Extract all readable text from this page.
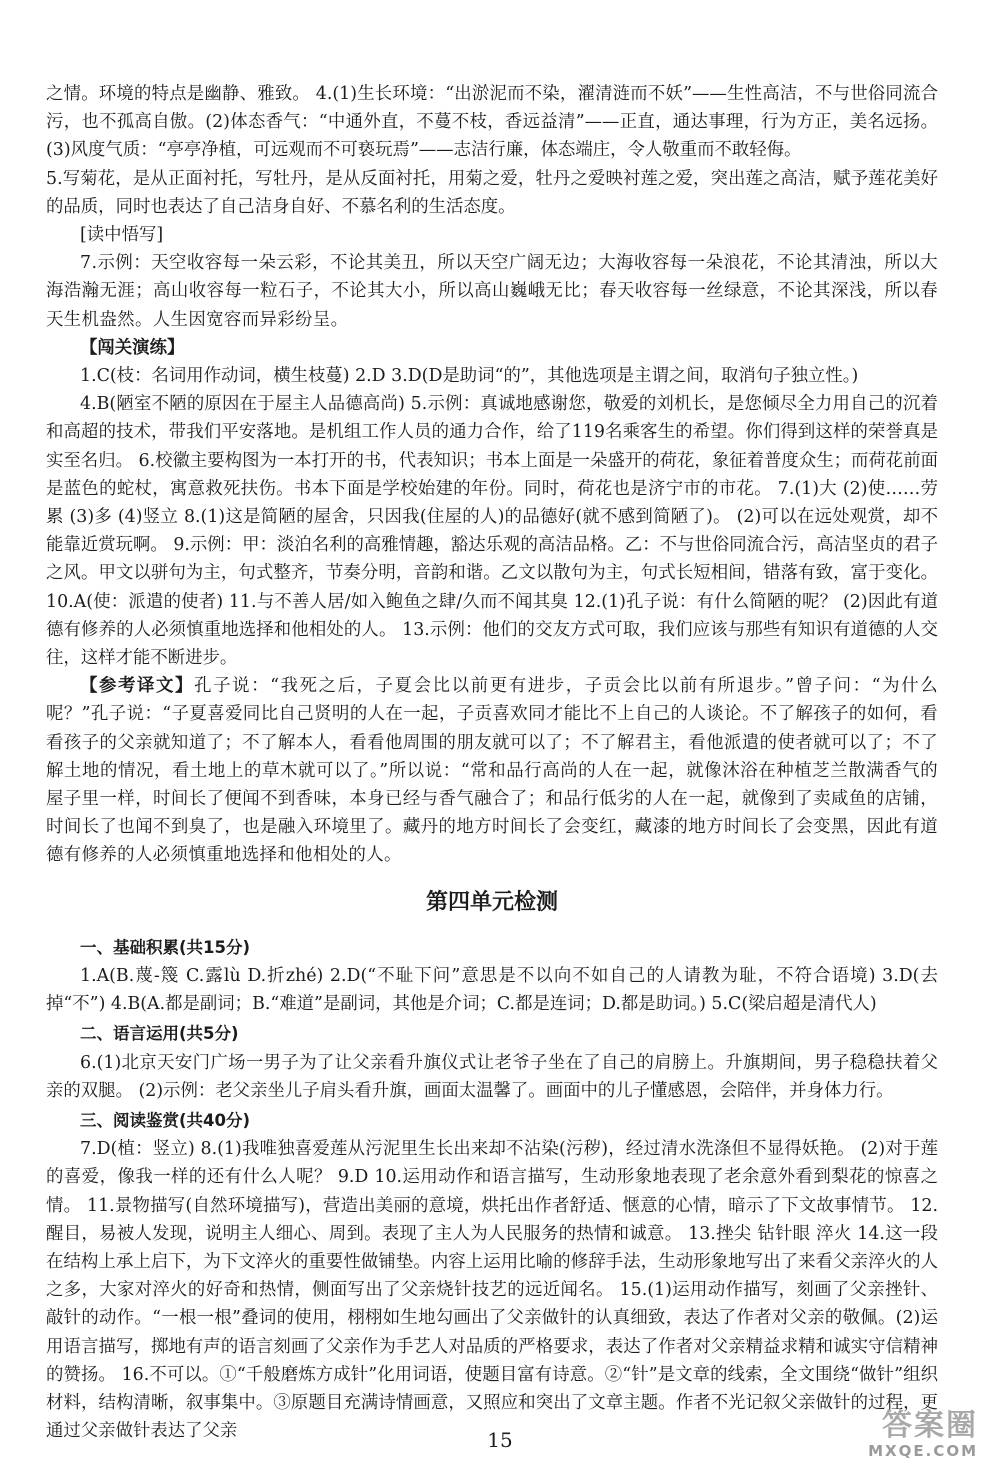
之情。环境的特点是幽静、雅致。 4.(1)生长环境：“出淤泥而不染，濯清涟而不妖”——生性高洁，不与世俗同流合污，也不孤高自傲。(2)体态香气：“中通外直，不蔓不枝，香远益清”——正直，通达事理，行为方正，美名远扬。(3)风度气质：“亭亭净植，可远观而不可亵玩焉”——志洁行廉，体态端庄，令人敬重而不敢轻侮。

5.写菊花，是从正面衬托，写牡丹，是从反面衬托，用菊之爱，牡丹之爱映衬莲之爱，突出莲之高洁，赋予莲花美好的品质，同时也表达了自己洁身自好、不慕名利的生活态度。

[读中悟写]

7.示例：天空收容每一朵云彩，不论其美丑，所以天空广阔无边；大海收容每一朵浪花，不论其清浊，所以大海浩瀚无涯；高山收容每一粒石子，不论其大小，所以高山巍峨无比；春天收容每一丝绿意，不论其深浅，所以春天生机盎然。人生因宽容而异彩纷呈。

【闯关演练】

1.C(枝：名词用作动词，横生枝蔓) 2.D 3.D(D是助词“的”，其他选项是主谓之间，取消句子独立性。)

4.B(陋室不陋的原因在于屋主人品德高尚) 5.示例：真诚地感谢您，敬爱的刘机长，是您倾尽全力用自己的沉着和高超的技术，带我们平安落地。是机组工作人员的通力合作，给了119名乘客生的希望。你们得到这样的荣誉真是实至名归。 6.校徽主要构图为一本打开的书，代表知识；书本上面是一朵盛开的荷花，象征着普度众生；而荷花前面是蓝色的蛇杖，寓意救死扶伤。书本下面是学校始建的年份。同时，荷花也是济宁市的市花。 7.(1)大 (2)使……劳累 (3)多 (4)竖立 8.(1)这是简陋的屋舍，只因我(住屋的人)的品德好(就不感到简陋了)。 (2)可以在远处观赏，却不能靠近赏玩啊。 9.示例：甲：淡泊名利的高雅情趣，豁达乐观的高洁品格。乙：不与世俗同流合污，高洁坚贞的君子之风。甲文以骈句为主，句式整齐，节奏分明，音韵和谐。乙文以散句为主，句式长短相间，错落有致，富于变化。 10.A(使：派遣的使者) 11.与不善人居/如入鲍鱼之肆/久而不闻其臭 12.(1)孔子说：有什么简陋的呢？ (2)因此有道德有修养的人必须慎重地选择和他相处的人。 13.示例：他们的交友方式可取，我们应该与那些有知识有道德的人交往，这样才能不断进步。

【参考译文】孔子说：“我死之后，子夏会比以前更有进步，子贡会比以前有所退步。”曾子问：“为什么呢？”孔子说：“子夏喜爱同比自己贤明的人在一起，子贡喜欢同才能比不上自己的人谈论。不了解孩子的如何，看看孩子的父亲就知道了；不了解本人，看看他周围的朋友就可以了；不了解君主，看他派遣的使者就可以了；不了解土地的情况，看土地上的草木就可以了。”所以说：“常和品行高尚的人在一起，就像沐浴在种植芝兰散满香气的屋子里一样，时间长了便闻不到香味，本身已经与香气融合了；和品行低劣的人在一起，就像到了卖咸鱼的店铺，时间长了也闻不到臭了，也是融入环境里了。藏丹的地方时间长了会变红，藏漆的地方时间长了会变黑，因此有道德有修养的人必须慎重地选择和他相处的人。

第四单元检测
一、基础积累(共15分)

1.A(B.蔑-篾 C.露lù D.折zhé) 2.D(“不耻下问”意思是不以向不如自己的人请教为耻，不符合语境) 3.D(去掉“不”) 4.B(A.都是副词；B.“难道”是副词，其他是介词；C.都是连词；D.都是助词。) 5.C(梁启超是清代人)

二、语言运用(共5分)

6.(1)北京天安门广场一男子为了让父亲看升旗仪式让老爷子坐在了自己的肩膀上。升旗期间，男子稳稳扶着父亲的双腿。 (2)示例：老父亲坐儿子肩头看升旗，画面太温馨了。画面中的儿子懂感恩，会陪伴，并身体力行。

三、阅读鉴赏(共40分)

7.D(植：竖立) 8.(1)我唯独喜爱莲从污泥里生长出来却不沾染(污秽)，经过清水洗涤但不显得妖艳。 (2)对于莲的喜爱，像我一样的还有什么人呢？ 9.D 10.运用动作和语言描写，生动形象地表现了老余意外看到梨花的惊喜之情。 11.景物描写(自然环境描写)，营造出美丽的意境，烘托出作者舒适、惬意的心情，暗示了下文故事情节。 12.醒目，易被人发现，说明主人细心、周到。表现了主人为人民服务的热情和诚意。 13.挫尖 钻针眼 淬火 14.这一段在结构上承上启下，为下文淬火的重要性做铺垫。内容上运用比喻的修辞手法，生动形象地写出了来看父亲淬火的人之多，大家对淬火的好奇和热情，侧面写出了父亲烧针技艺的远近闻名。 15.(1)运用动作描写，刻画了父亲挫针、敲针的动作。“一根一根”叠词的使用，栩栩如生地勾画出了父亲做针的认真细致，表达了作者对父亲的敬佩。(2)运用语言描写，掷地有声的语言刻画了父亲作为手艺人对品质的严格要求，表达了作者对父亲精益求精和诚实守信精神的赞扬。 16.不可以。①“千般磨炼方成针”化用词语，使题目富有诗意。②“针”是文章的线索，全文围绕“做针”组织材料，结构清晰，叙事集中。③原题目充满诗情画意，又照应和突出了文章主题。作者不光记叙父亲做针的过程，更通过父亲做针表达了父亲	15	答案圈
MXQE.COM
